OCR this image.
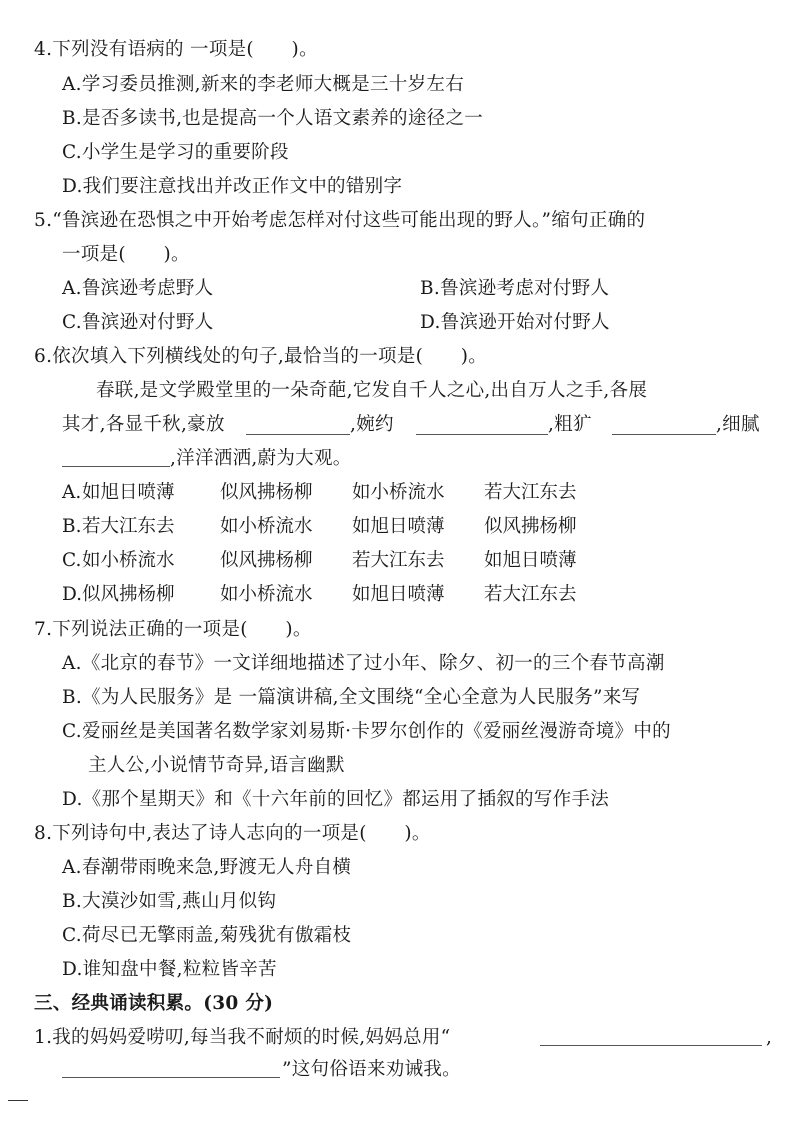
4.下列没有语病的 一项是(　　)。
A.学习委员推测,新来的李老师大概是三十岁左右
B.是否多读书,也是提高一个人语文素养的途径之一
C.小学生是学习的重要阶段
D.我们要注意找出并改正作文中的错别字
5.“鲁滨逊在恐惧之中开始考虑怎样对付这些可能出现的野人。”缩句正确的
一项是(　　)。
A.鲁滨逊考虑野人	B.鲁滨逊考虑对付野人
C.鲁滨逊对付野人	D.鲁滨逊开始对付野人
6.依次填入下列横线处的句子,最恰当的一项是(　　)。
春联,是文学殿堂里的一朵奇葩,它发自千人之心,出自万人之手,各展
其才,各显千秋,豪放	,婉约	,粗犷	,细腻
,洋洋洒洒,蔚为大观。
A. 如旭日喷薄 似风拂杨柳 如小桥流水 若大江东去
B. 若大江东去 如小桥流水 如旭日喷薄 似风拂杨柳
C. 如小桥流水 似风拂杨柳 若大江东去 如旭日喷薄
D. 似风拂杨柳 如小桥流水 如旭日喷薄 若大江东去
7.下列说法正确的一项是(　　)。
A.《北京的春节》一文详细地描述了过小年、除夕、初一的三个春节高潮
B.《为人民服务》是 一篇演讲稿,全文围绕“全心全意为人民服务”来写
C.爱丽丝是美国著名数学家刘易斯·卡罗尔创作的《爱丽丝漫游奇境》中的
主人公,小说情节奇异,语言幽默
D.《那个星期天》和《十六年前的回忆》都运用了插叙的写作手法
8.下列诗句中,表达了诗人志向的一项是(　　)。
A.春潮带雨晚来急,野渡无人舟自横
B.大漠沙如雪,燕山月似钩
C.荷尽已无擎雨盖,菊残犹有傲霜枝
D.谁知盘中餐,粒粒皆辛苦
三、经典诵读积累。(30 分)
1.我的妈妈爱唠叨,每当我不耐烦的时候,妈妈总用“	,
”这句俗语来劝诫我。
